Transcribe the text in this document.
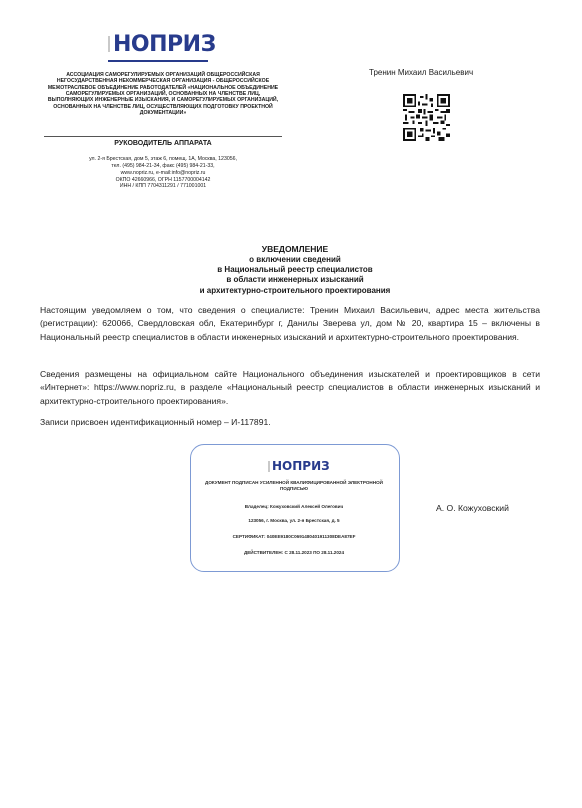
НОПРИЗ
АССОЦИАЦИЯ САМОРЕГУЛИРУЕМЫХ ОРГАНИЗАЦИЙ ОБЩЕРОССИЙСКАЯ НЕГОСУДАРСТВЕННАЯ НЕКОММЕРЧЕСКАЯ ОРГАНИЗАЦИЯ - ОБЩЕРОССИЙСКОЕ МЕЖОТРАСЛЕВОЕ ОБЪЕДИНЕНИЕ РАБОТОДАТЕЛЕЙ «НАЦИОНАЛЬНОЕ ОБЪЕДИНЕНИЕ САМОРЕГУЛИРУЕМЫХ ОРГАНИЗАЦИЙ, ОСНОВАННЫХ НА ЧЛЕНСТВЕ ЛИЦ, ВЫПОЛНЯЮЩИХ ИНЖЕНЕРНЫЕ ИЗЫСКАНИЯ, И САМОРЕГУЛИРУЕМЫХ ОРГАНИЗАЦИЙ, ОСНОВАННЫХ НА ЧЛЕНСТВЕ ЛИЦ, ОСУЩЕСТВЛЯЮЩИХ ПОДГОТОВКУ ПРОЕКТНОЙ ДОКУМЕНТАЦИИ»
РУКОВОДИТЕЛЬ АППАРАТА
ул. 2-я Брестская, дом 5, этаж 6, помещ. 1А, Москва, 123056,
тел. (495) 984-21-34, факс (495) 984-21-33,
www.nopriz.ru, e-mail:info@nopriz.ru
ОКПО 42660966, ОГРН 1157700004142
ИНН / КПП 7704311291 / 771001001
Тренин Михаил Васильевич
УВЕДОМЛЕНИЕ
о включении сведений
в Национальный реестр специалистов
в области инженерных изысканий
и архитектурно-строительного проектирования
Настоящим уведомляем о том, что сведения о специалисте: Тренин Михаил Васильевич, адрес места жительства (регистрации): 620066, Свердловская обл, Екатеринбург г, Данилы Зверева ул, дом № 20, квартира 15 – включены в Национальный реестр специалистов в области инженерных изысканий и архитектурно-строительного проектирования.
Сведения размещены на официальном сайте Национального объединения изыскателей и проектировщиков в сети «Интернет»: https://www.nopriz.ru, в разделе «Национальный реестр специалистов в области инженерных изысканий и архитектурно-строительного проектирования».
Записи присвоен идентификационный номер – И-117891.
НОПРИЗ
ДОКУМЕНТ ПОДПИСАН УСИЛЕННОЙ КВАЛИФИЦИРОВАННОЙ ЭЛЕКТРОННОЙ ПОДПИСЬЮ
Владелец: Кожуховский Алексей Олегович
123056, г. Москва, ул. 2-я Брестская, д. 5
СЕРТИФИКАТ: 040ЕЕ9180С0691480401911308DEA87EF
ДЕЙСТВИТЕЛЕН: С 28.11.2023 ПО 28.11.2024
А. О. Кожуховский
